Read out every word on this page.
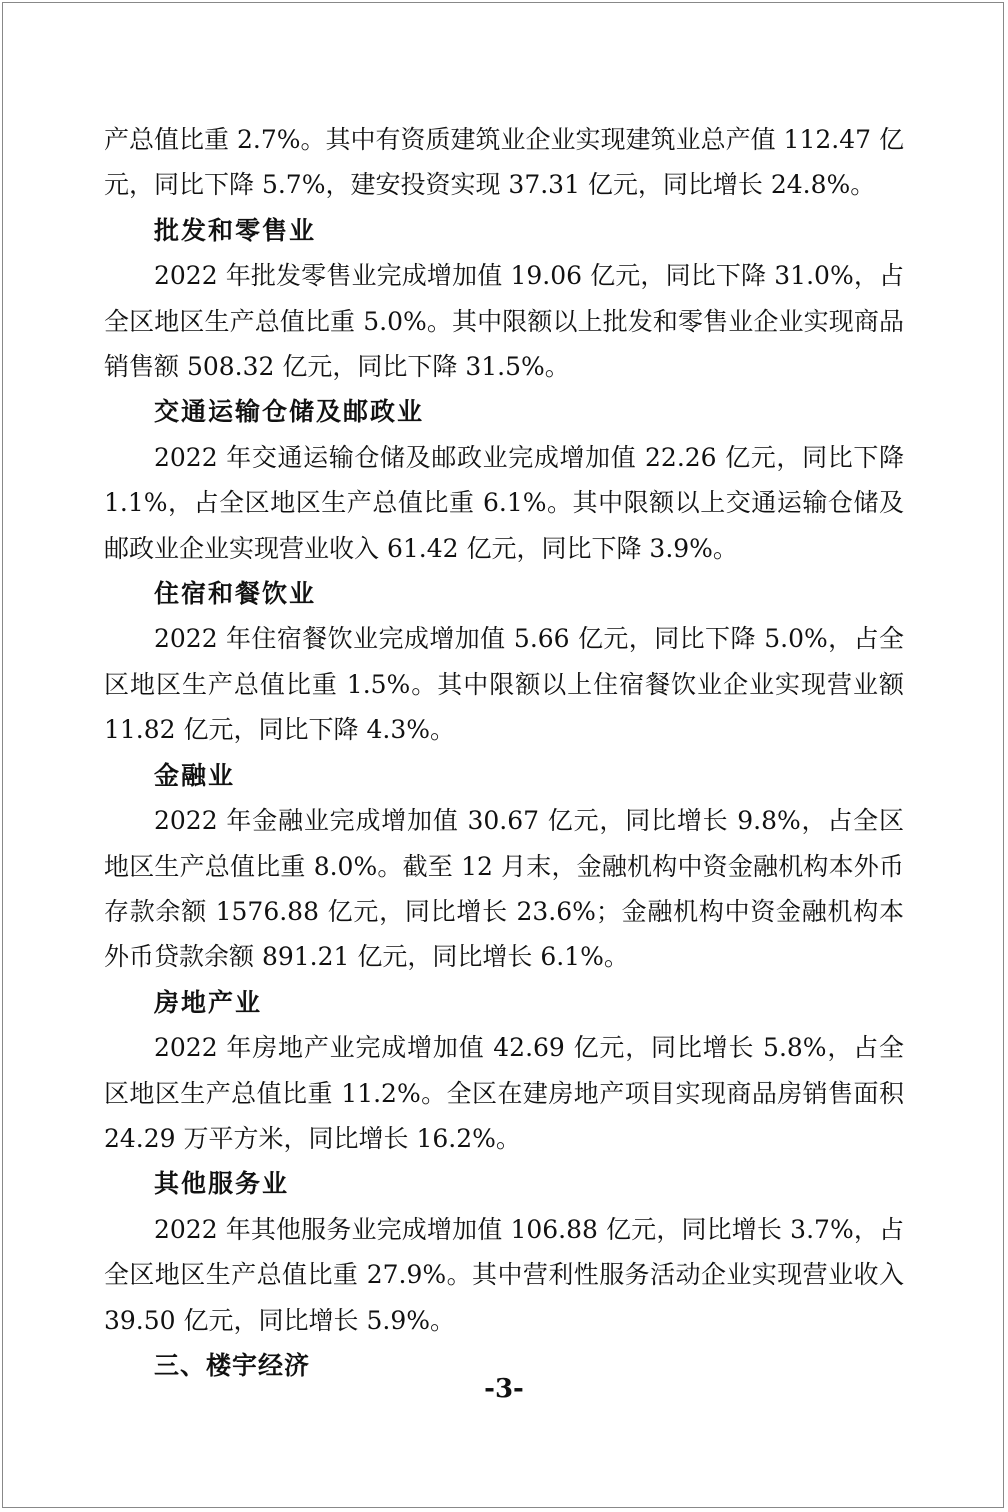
产总值比重 2.7%。其中有资质建筑业企业实现建筑业总产值 112.47 亿元，同比下降 5.7%，建安投资实现 37.31 亿元，同比增长 24.8%。

批发和零售业

2022 年批发零售业完成增加值 19.06 亿元，同比下降 31.0%，占全区地区生产总值比重 5.0%。其中限额以上批发和零售业企业实现商品销售额 508.32 亿元，同比下降 31.5%。

交通运输仓储及邮政业

2022 年交通运输仓储及邮政业完成增加值 22.26 亿元，同比下降 1.1%，占全区地区生产总值比重 6.1%。其中限额以上交通运输仓储及邮政业企业实现营业收入 61.42 亿元，同比下降 3.9%。

住宿和餐饮业

2022 年住宿餐饮业完成增加值 5.66 亿元，同比下降 5.0%，占全区地区生产总值比重 1.5%。其中限额以上住宿餐饮业企业实现营业额 11.82 亿元，同比下降 4.3%。

金融业

2022 年金融业完成增加值 30.67 亿元，同比增长 9.8%，占全区地区生产总值比重 8.0%。截至 12 月末，金融机构中资金融机构本外币存款余额 1576.88 亿元，同比增长 23.6%；金融机构中资金融机构本外币贷款余额 891.21 亿元，同比增长 6.1%。

房地产业

2022 年房地产业完成增加值 42.69 亿元，同比增长 5.8%，占全区地区生产总值比重 11.2%。全区在建房地产项目实现商品房销售面积 24.29 万平方米，同比增长 16.2%。

其他服务业

2022 年其他服务业完成增加值 106.88 亿元，同比增长 3.7%，占全区地区生产总值比重 27.9%。其中营利性服务活动企业实现营业收入 39.50 亿元，同比增长 5.9%。

三、楼宇经济

-3-
